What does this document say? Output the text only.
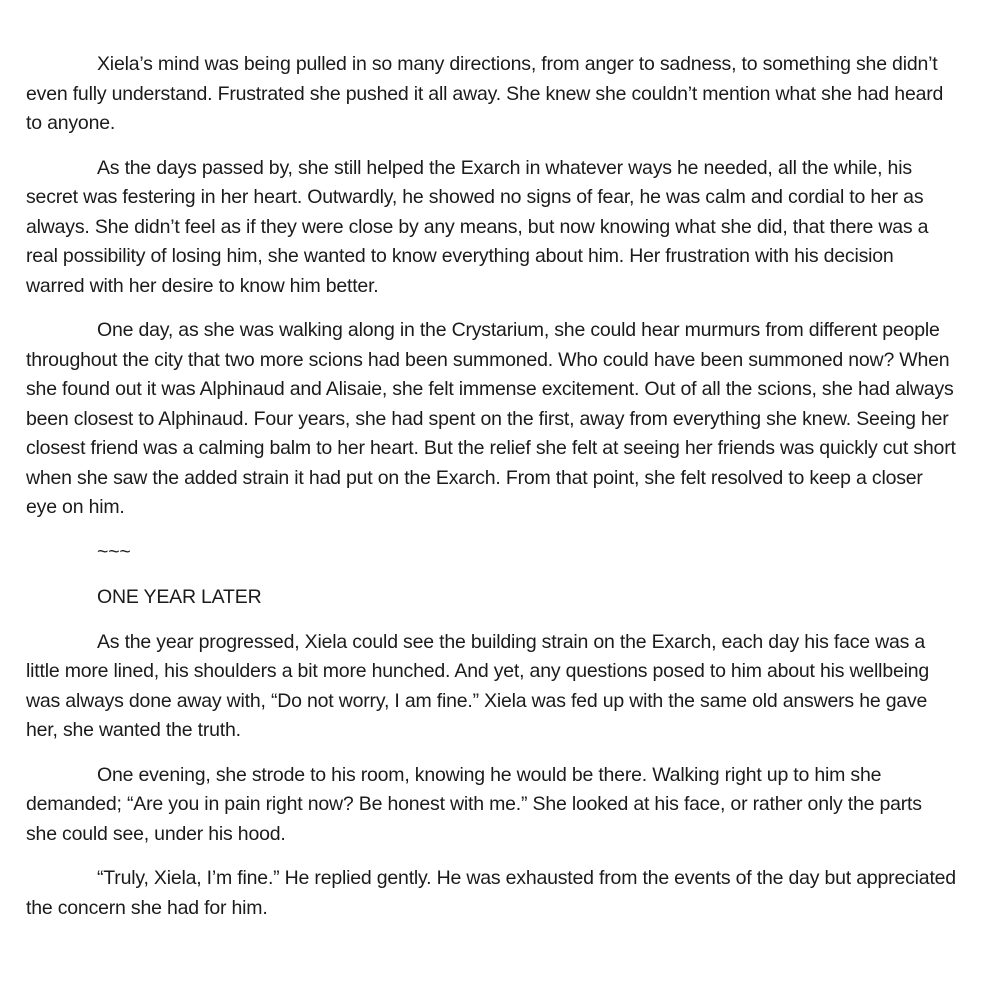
Xiela’s mind was being pulled in so many directions, from anger to sadness, to something she didn’t even fully understand. Frustrated she pushed it all away. She knew she couldn’t mention what she had heard to anyone.

As the days passed by, she still helped the Exarch in whatever ways he needed, all the while, his secret was festering in her heart. Outwardly, he showed no signs of fear, he was calm and cordial to her as always. She didn’t feel as if they were close by any means, but now knowing what she did, that there was a real possibility of losing him, she wanted to know everything about him. Her frustration with his decision warred with her desire to know him better.

One day, as she was walking along in the Crystarium, she could hear murmurs from different people throughout the city that two more scions had been summoned. Who could have been summoned now? When she found out it was Alphinaud and Alisaie, she felt immense excitement. Out of all the scions, she had always been closest to Alphinaud. Four years, she had spent on the first, away from everything she knew. Seeing her closest friend was a calming balm to her heart. But the relief she felt at seeing her friends was quickly cut short when she saw the added strain it had put on the Exarch. From that point, she felt resolved to keep a closer eye on him.

~~~

ONE YEAR LATER

As the year progressed, Xiela could see the building strain on the Exarch, each day his face was a little more lined, his shoulders a bit more hunched. And yet, any questions posed to him about his wellbeing was always done away with, “Do not worry, I am fine.” Xiela was fed up with the same old answers he gave her, she wanted the truth.

One evening, she strode to his room, knowing he would be there. Walking right up to him she demanded; “Are you in pain right now? Be honest with me.” She looked at his face, or rather only the parts she could see, under his hood.

“Truly, Xiela, I’m fine.” He replied gently. He was exhausted from the events of the day but appreciated the concern she had for him.
